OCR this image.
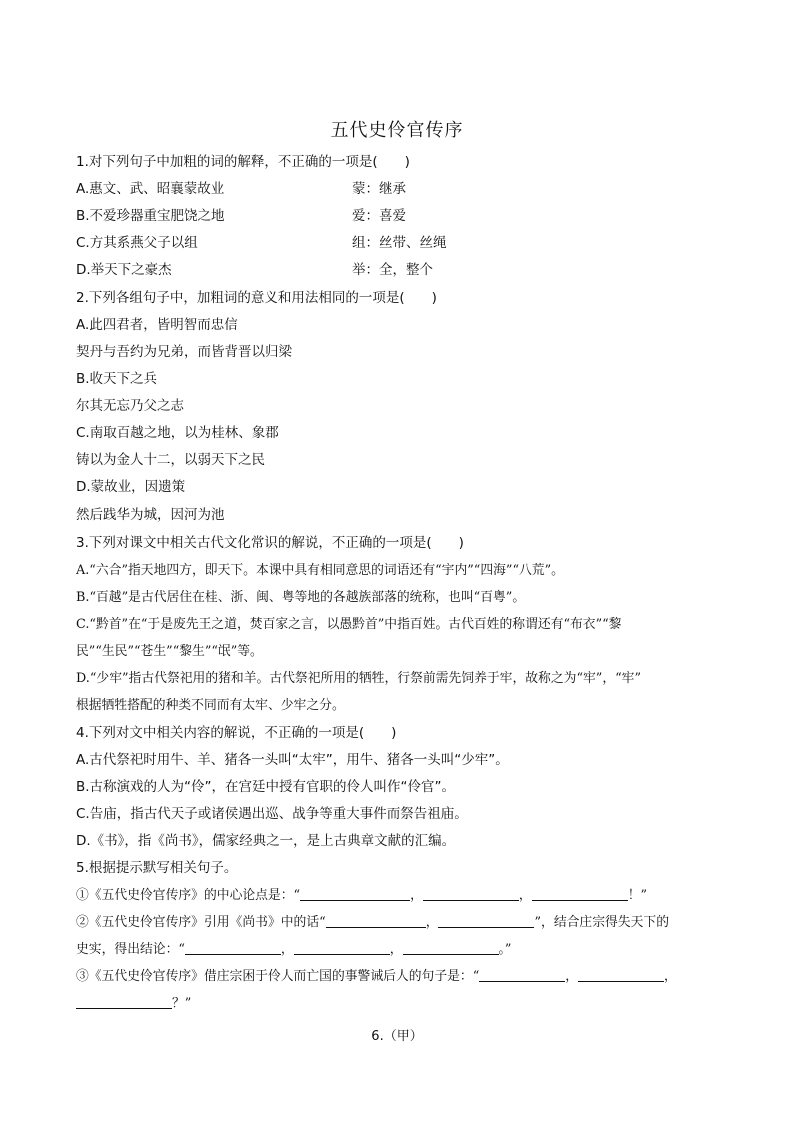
五代史伶官传序
1.对下列句子中加粗的词的解释，不正确的一项是(　　)
A.惠文、武、昭襄蒙故业	蒙：继承
B.不爱珍器重宝肥饶之地	爱：喜爱
C.方其系燕父子以组	组：丝带、丝绳
D.举天下之豪杰	举：全，整个
2.下列各组句子中，加粗词的意义和用法相同的一项是(　　)
A.此四君者，皆明智而忠信
契丹与吾约为兄弟，而皆背晋以归梁
B.收天下之兵
尔其无忘乃父之志
C.南取百越之地，以为桂林、象郡
铸以为金人十二，以弱天下之民
D.蒙故业，因遗策
然后践华为城，因河为池
3.下列对课文中相关古代文化常识的解说，不正确的一项是(　　)
A.“六合”指天地四方，即天下。本课中具有相同意思的词语还有“宇内”“四海”“八荒”。
B.“百越”是古代居住在桂、浙、闽、粤等地的各越族部落的统称，也叫“百粤”。
C.“黔首”在“于是废先王之道，焚百家之言，以愚黔首”中指百姓。古代百姓的称谓还有“布衣”“黎
民”“生民”“苍生”“黎生”“氓”等。
D.“少牢”指古代祭祀用的猪和羊。古代祭祀所用的牺牲，行祭前需先饲养于牢，故称之为“牢”，“牢”
根据牺牲搭配的种类不同而有太牢、少牢之分。
4.下列对文中相关内容的解说，不正确的一项是(　　)
A.古代祭祀时用牛、羊、猪各一头叫“太牢”，用牛、猪各一头叫“少牢”。
B.古称演戏的人为“伶”，在宫廷中授有官职的伶人叫作“伶官”。
C.告庙，指古代天子或诸侯遇出巡、战争等重大事件而祭告祖庙。
D.《书》，指《尚书》，儒家经典之一，是上古典章文献的汇编。
5.根据提示默写相关句子。
①《五代史伶官传序》的中心论点是：“	，	，	！”
②《五代史伶官传序》引用《尚书》中的话“	，	”，结合庄宗得失天下的
史实，得出结论：“	，	，	。”
③《五代史伶官传序》借庄宗困于伶人而亡国的事警诫后人的句子是：“	，	，
？”
6.（甲）
